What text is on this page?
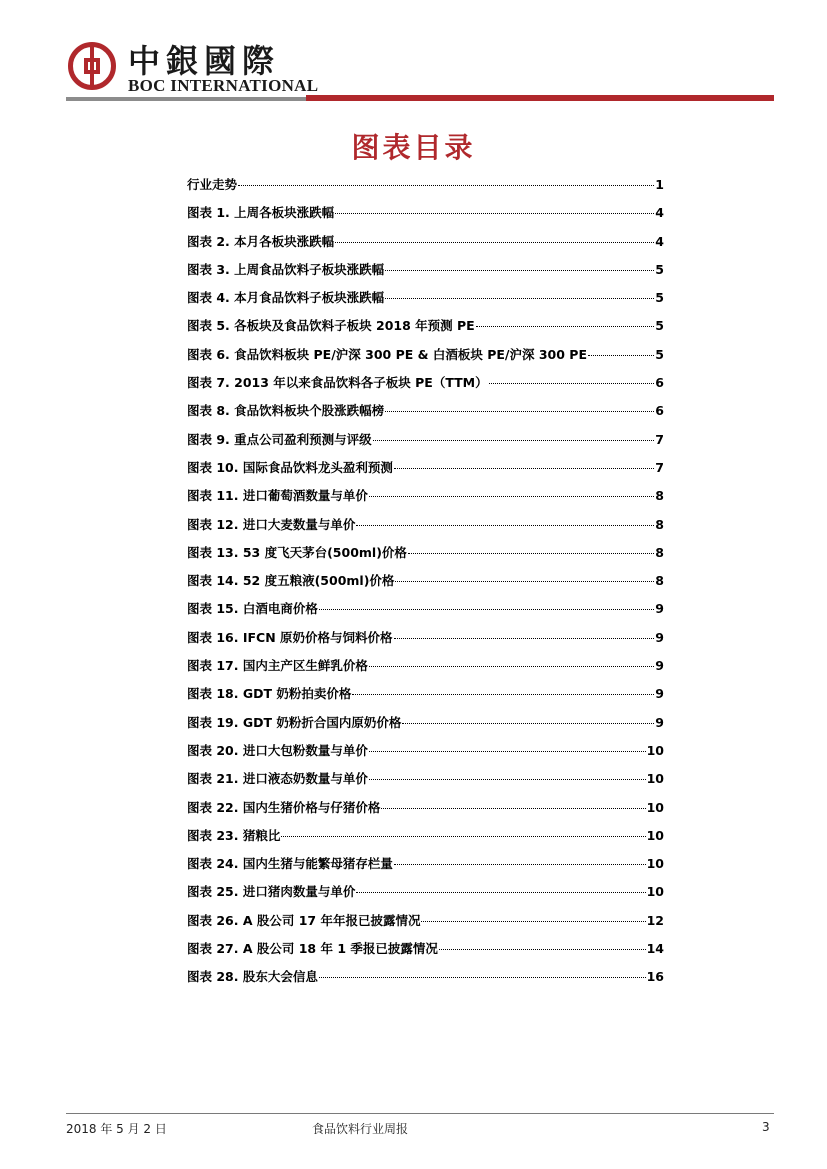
中銀國際
BOC INTERNATIONAL
图表目录
行业走势	1
图表 1. 上周各板块涨跌幅	4
图表 2. 本月各板块涨跌幅	4
图表 3. 上周食品饮料子板块涨跌幅	5
图表 4. 本月食品饮料子板块涨跌幅	5
图表 5. 各板块及食品饮料子板块 2018 年预测 PE	5
图表 6. 食品饮料板块 PE/沪深 300 PE & 白酒板块 PE/沪深 300 PE	5
图表 7. 2013 年以来食品饮料各子板块 PE（TTM）	6
图表 8. 食品饮料板块个股涨跌幅榜	6
图表 9. 重点公司盈利预测与评级	7
图表 10. 国际食品饮料龙头盈利预测	7
图表 11. 进口葡萄酒数量与单价	8
图表 12. 进口大麦数量与单价	8
图表 13. 53 度飞天茅台(500ml)价格	8
图表 14. 52 度五粮液(500ml)价格	8
图表 15. 白酒电商价格	9
图表 16. IFCN 原奶价格与饲料价格	9
图表 17. 国内主产区生鲜乳价格	9
图表 18. GDT 奶粉拍卖价格	9
图表 19. GDT 奶粉折合国内原奶价格	9
图表 20. 进口大包粉数量与单价	10
图表 21. 进口液态奶数量与单价	10
图表 22. 国内生猪价格与仔猪价格	10
图表 23. 猪粮比	10
图表 24. 国内生猪与能繁母猪存栏量	10
图表 25. 进口猪肉数量与单价	10
图表 26. A 股公司 17 年年报已披露情况	12
图表 27. A 股公司 18 年 1 季报已披露情况	14
图表 28. 股东大会信息	16
2018 年 5 月 2 日	食品饮料行业周报	3
